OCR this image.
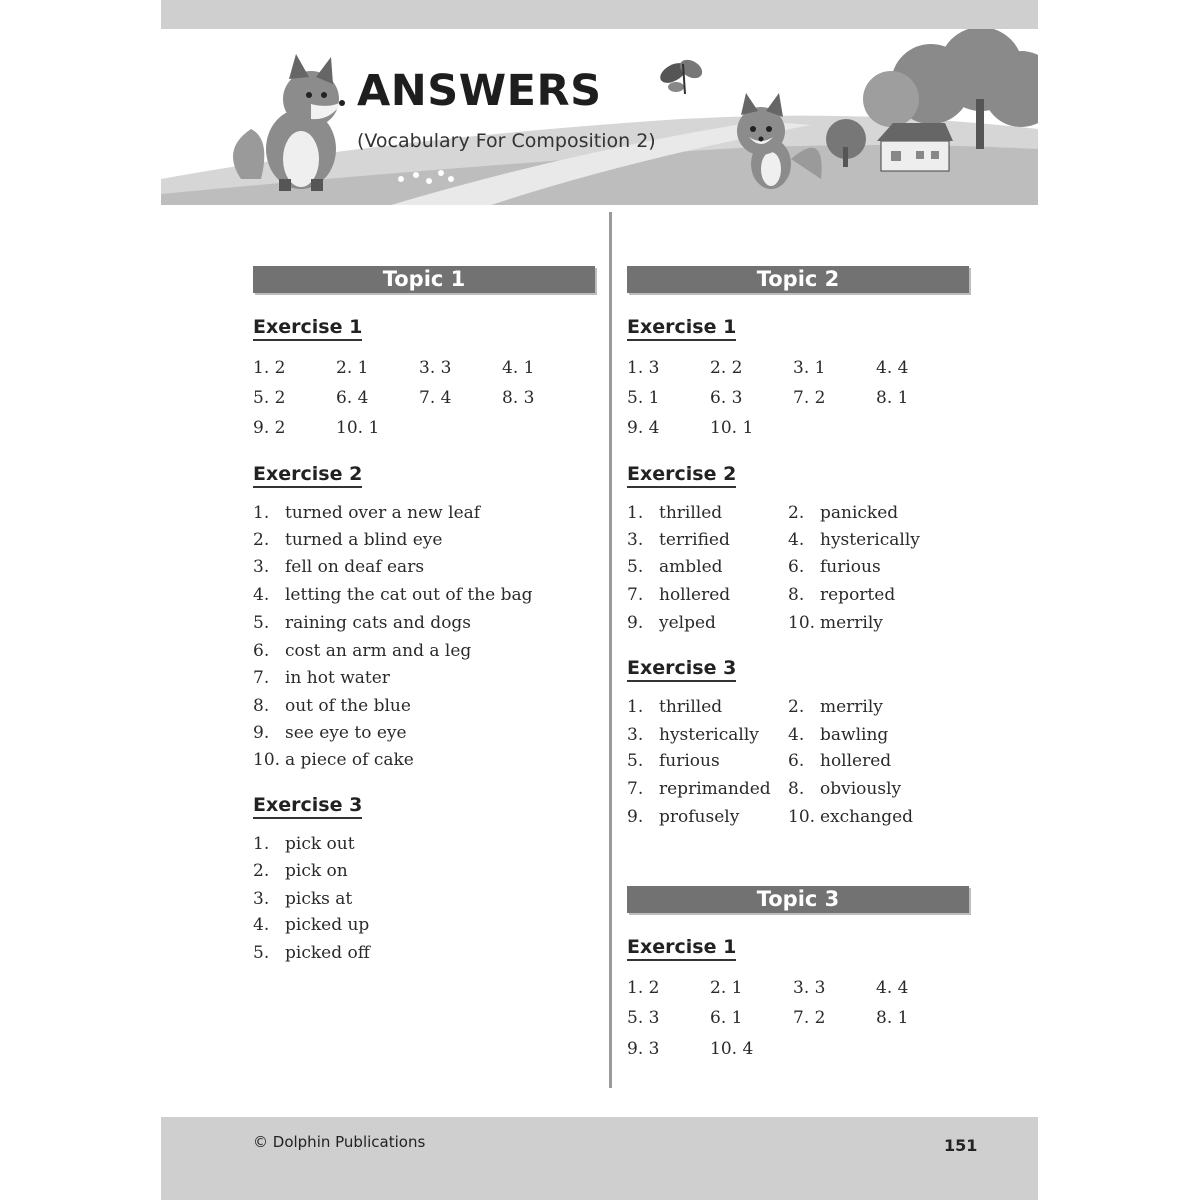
ANSWERS
(Vocabulary For Composition 2)
Topic 1
Exercise 1
1. 2	2. 1	3. 3	4. 1
5. 2	6. 4	7. 4	8. 3
9. 2	10. 1
Exercise 2
1. turned over a new leaf
2. turned a blind eye
3. fell on deaf ears
4. letting the cat out of the bag
5. raining cats and dogs
6. cost an arm and a leg
7. in hot water
8. out of the blue
9. see eye to eye
10. a piece of cake
Exercise 3
1. pick out
2. pick on
3. picks at
4. picked up
5. picked off
Topic 2
Exercise 1
1. 3	2. 2	3. 1	4. 4
5. 1	6. 3	7. 2	8. 1
9. 4	10. 1
Exercise 2
1. thrilled	2. panicked
3. terrified	4. hysterically
5. ambled	6. furious
7. hollered	8. reported
9. yelped	10. merrily
Exercise 3
1. thrilled	2. merrily
3. hysterically 4. bawling
5. furious	6. hollered
7. reprimanded 8. obviously
9. profusely	10. exchanged
Topic 3
Exercise 1
1. 2	2. 1	3. 3	4. 4
5. 3	6. 1	7. 2	8. 1
9. 3	10. 4
© Dolphin Publications	151
